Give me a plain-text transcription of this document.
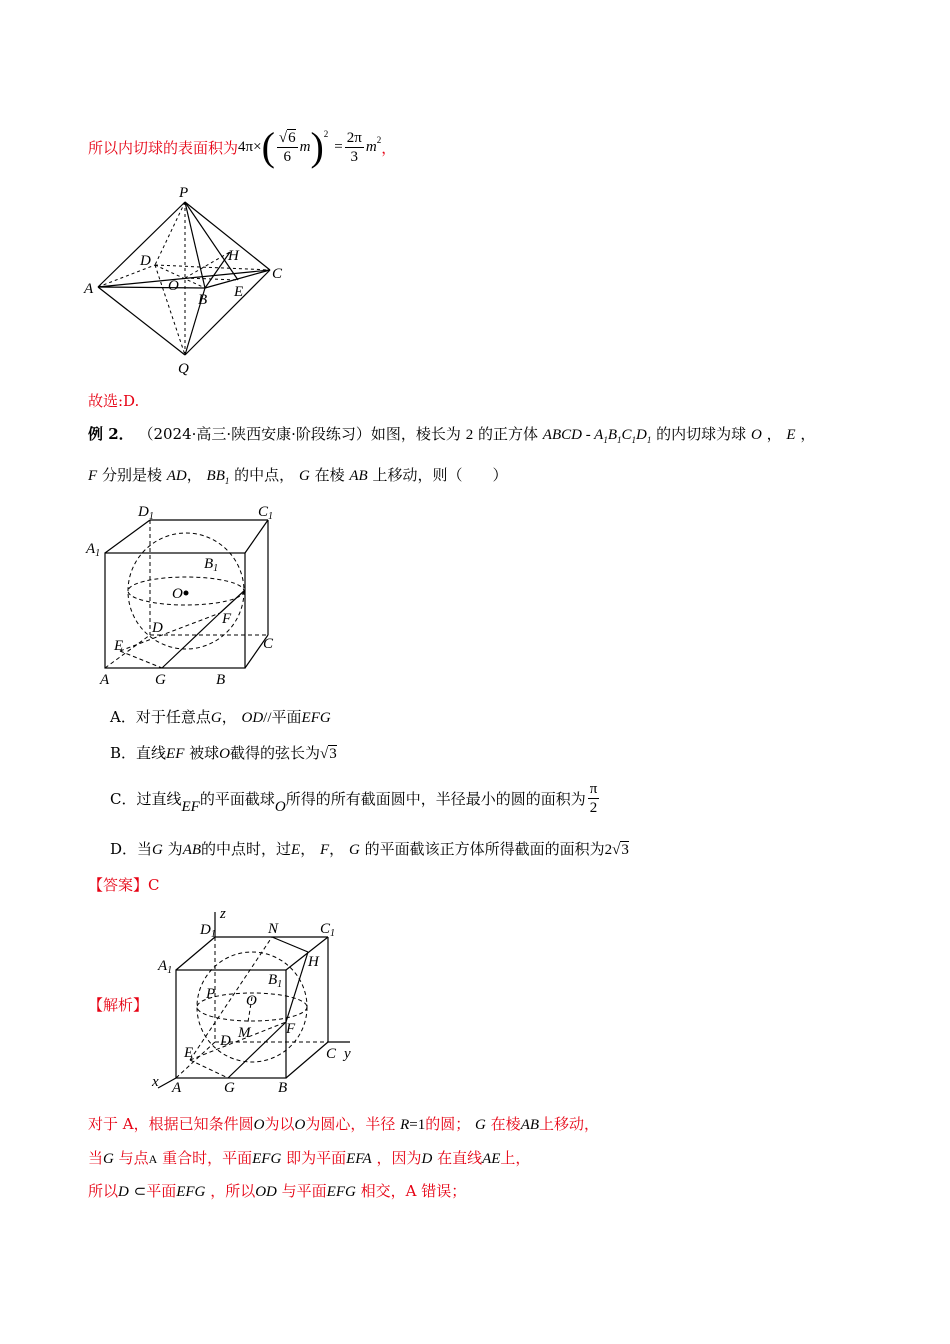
所以内切球的表面积为 4π× ( $\frac{√6}{6}$ m )$^2$
= $\frac{2\pi}{3} m^2$ ，
P
D	H
C
A	O
B E
Q
故选:D.
例 2． （2024·高三·陕西安康·阶段练习）如图，棱长为 2 的正方体 ABCD - $A_1B_1C_1D_1$ 的内切球为球 O ， E ，
F 分别是棱 AD， $BB_1$ 的中点， G 在棱 AB 上移动，则（　　）
$D_1$	$C_1$
$A_1$
$B_1$
O
D
F
E	C
A	G	B
A．对于任意点G， OD//平面EFG
B．直线EF 被球O截得的弦长为√3
C． 过直线 EF 的平面截球 O 所得的所有截面圆中，半径最小的圆的面积为 $\frac{\pi}{2}$
D．当G 为AB的中点时，过E， F， G 的平面截该正方体所得截面的面积为2√3
【答案】C
【解析】
$D_1$
z
N	$C_1$
$A_1$
H
$B_1$
P O
M F
D
E	C y
x A	G	B
对于 A，根据已知条件圆O为以O为圆心，半径 R=1的圆； G 在棱AB上移动，
当G 与点A 重合时，平面EFG 即为平面EFA ，因为D 在直线AE上，
所以D ⊂平面EFG ，所以OD 与平面EFG 相交，A 错误；
